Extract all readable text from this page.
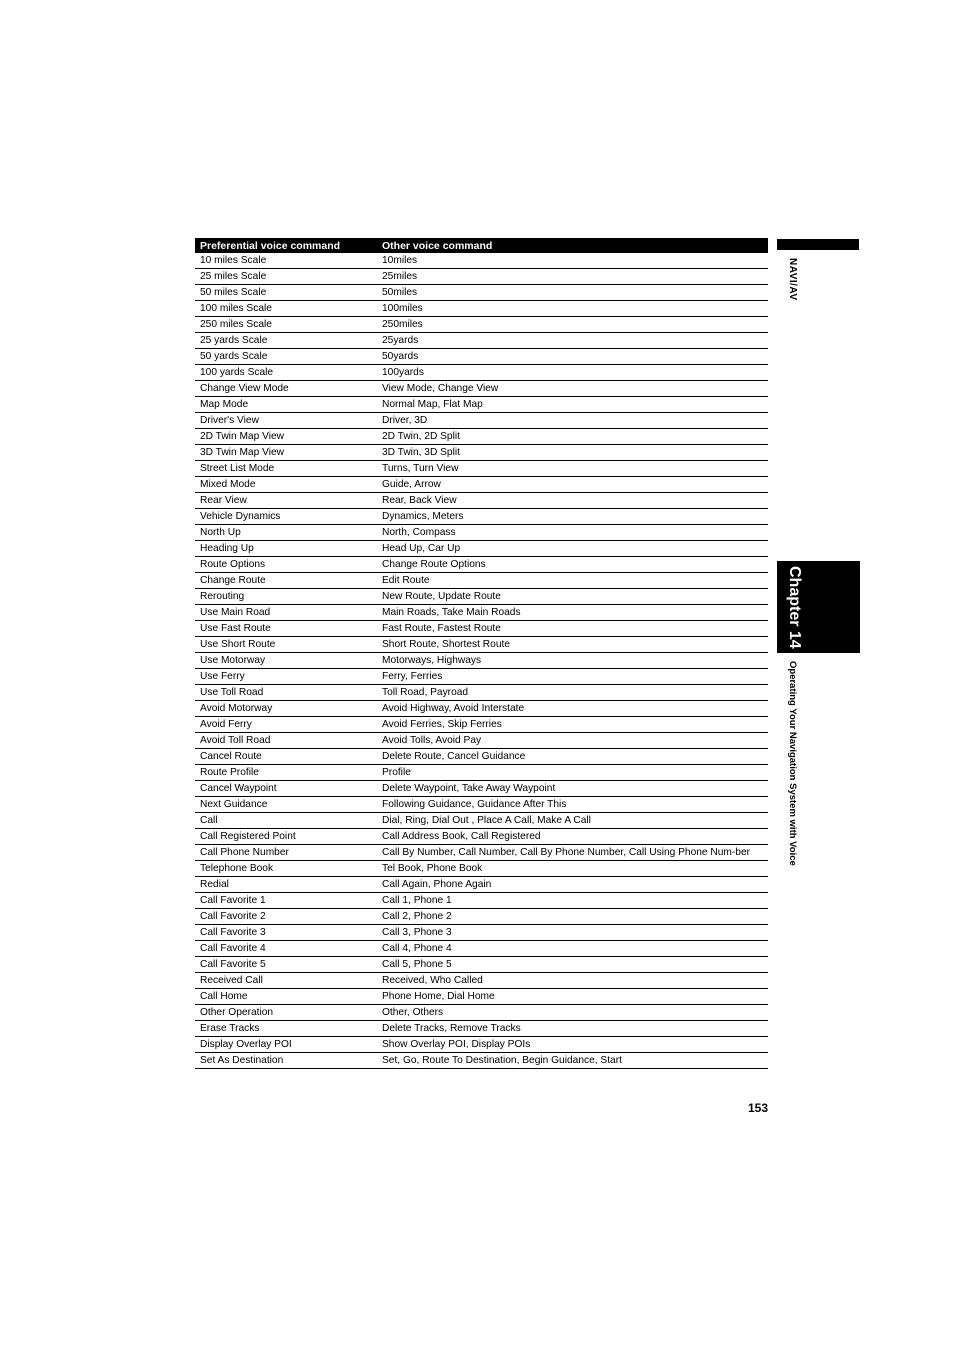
Preferential voice command	Other voice command
10 miles Scale	10miles
25 miles Scale	25miles
50 miles Scale	50miles
100 miles Scale	100miles
250 miles Scale	250miles
25 yards Scale	25yards
50 yards Scale	50yards
100 yards Scale	100yards
Change View Mode	View Mode, Change View
Map Mode	Normal Map, Flat Map
Driver's View	Driver, 3D
2D Twin Map View	2D Twin, 2D Split
3D Twin Map View	3D Twin, 3D Split
Street List Mode	Turns, Turn View
Mixed Mode	Guide, Arrow
Rear View	Rear, Back View
Vehicle Dynamics	Dynamics, Meters
North Up	North, Compass
Heading Up	Head Up, Car Up
Route Options	Change Route Options
Change Route	Edit Route
Rerouting	New Route, Update Route
Use Main Road	Main Roads, Take Main Roads
Use Fast Route	Fast Route, Fastest Route
Use Short Route	Short Route, Shortest Route
Use Motorway	Motorways, Highways
Use Ferry	Ferry, Ferries
Use Toll Road	Toll Road, Payroad
Avoid Motorway	Avoid Highway, Avoid Interstate
Avoid Ferry	Avoid Ferries, Skip Ferries
Avoid Toll Road	Avoid Tolls, Avoid Pay
Cancel Route	Delete Route, Cancel Guidance
Route Profile	Profile
Cancel Waypoint	Delete Waypoint, Take Away Waypoint
Next Guidance	Following Guidance, Guidance After This
Call	Dial, Ring, Dial Out , Place A Call, Make A Call
Call Registered Point	Call Address Book, Call Registered
Call Phone Number	Call By Number, Call Number, Call By Phone Number, Call Using Phone Num-ber
Telephone Book	Tel Book, Phone Book
Redial	Call Again, Phone Again
Call Favorite 1	Call 1, Phone 1
Call Favorite 2	Call 2, Phone 2
Call Favorite 3	Call 3, Phone 3
Call Favorite 4	Call 4, Phone 4
Call Favorite 5	Call 5, Phone 5
Received Call	Received, Who Called
Call Home	Phone Home, Dial Home
Other Operation	Other, Others
Erase Tracks	Delete Tracks, Remove Tracks
Display Overlay POI	Show Overlay POI, Display POIs
Set As Destination	Set, Go, Route To Destination, Begin Guidance, Start
NAVI/AV
Chapter 14
Operating Your Navigation System with Voice
153
